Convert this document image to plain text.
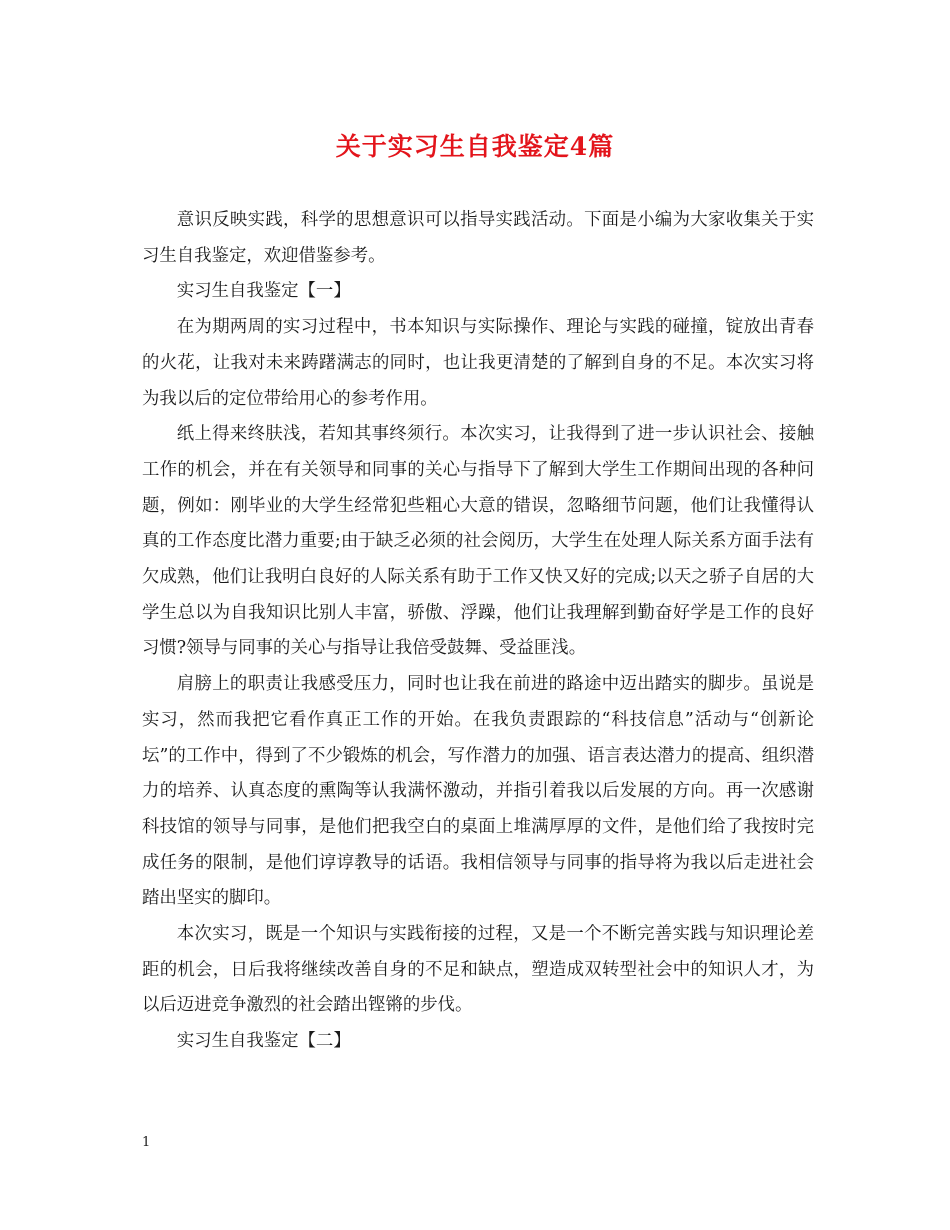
关于实习生自我鉴定4篇

意识反映实践，科学的思想意识可以指导实践活动。下面是小编为大家收集关于实习生自我鉴定，欢迎借鉴参考。

实习生自我鉴定【一】

在为期两周的实习过程中，书本知识与实际操作、理论与实践的碰撞，锭放出青春的火花，让我对未来踌躇满志的同时，也让我更清楚的了解到自身的不足。本次实习将为我以后的定位带给用心的参考作用。

纸上得来终肤浅，若知其事终须行。本次实习，让我得到了进一步认识社会、接触工作的机会，并在有关领导和同事的关心与指导下了解到大学生工作期间出现的各种问题，例如：刚毕业的大学生经常犯些粗心大意的错误，忽略细节问题，他们让我懂得认真的工作态度比潜力重要;由于缺乏必须的社会阅历，大学生在处理人际关系方面手法有欠成熟，他们让我明白良好的人际关系有助于工作又快又好的完成;以天之骄子自居的大学生总以为自我知识比别人丰富，骄傲、浮躁，他们让我理解到勤奋好学是工作的良好习惯?领导与同事的关心与指导让我倍受鼓舞、受益匪浅。

肩膀上的职责让我感受压力，同时也让我在前进的路途中迈出踏实的脚步。虽说是实习，然而我把它看作真正工作的开始。在我负责跟踪的“科技信息”活动与“创新论坛”的工作中，得到了不少锻炼的机会，写作潜力的加强、语言表达潜力的提高、组织潜力的培养、认真态度的熏陶等认我满怀激动，并指引着我以后发展的方向。再一次感谢科技馆的领导与同事，是他们把我空白的桌面上堆满厚厚的文件，是他们给了我按时完成任务的限制，是他们谆谆教导的话语。我相信领导与同事的指导将为我以后走进社会踏出坚实的脚印。

本次实习，既是一个知识与实践衔接的过程，又是一个不断完善实践与知识理论差距的机会，日后我将继续改善自身的不足和缺点，塑造成双转型社会中的知识人才，为以后迈进竞争激烈的社会踏出铿锵的步伐。

实习生自我鉴定【二】

1
